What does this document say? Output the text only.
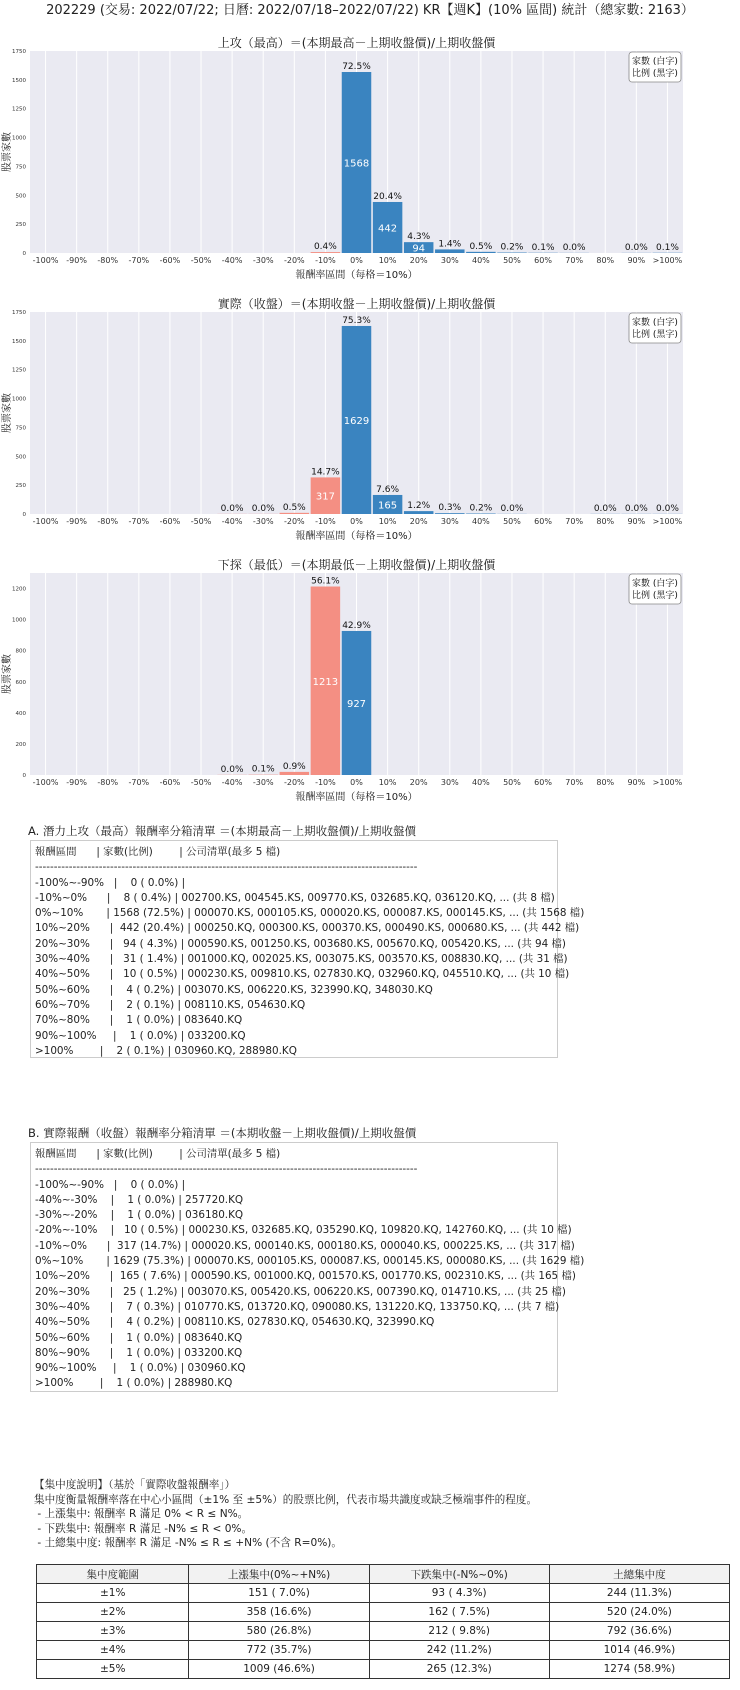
202229 (交易: 2022/07/22; 日曆: 2022/07/18–2022/07/22) KR【週K】(10% 區間) 統計（總家數: 2163）
上攻（最高）＝(本期最高－上期收盤價)/上期收盤價
0
250
500
750
1000
1250
1500
1750
股票家數
-100% -90% -80% -70% -60% -50% -40% -30% -20%
0.4%
-10%
72.5%
1568
0%
20.4%
442
10%
4.3%
94
20%
1.4%
30%
0.5%
40%
0.2%
50%
0.1%
60%
0.0%
70% 80%
0.0%
90%
0.1%
>100%
報酬率區間（每格＝10%）
家數 (白字)
比例 (黑字)
實際（收盤）＝(本期收盤－上期收盤價)/上期收盤價
0
250
500
750
1000
1250
1500
1750
股票家數
-100% -90% -80% -70% -60% -50%
0.0%
-40%
0.0%
-30%
0.5%
-20%
14.7%
317
-10%
75.3%
1629
0%
7.6%
165
10%
1.2%
20%
0.3%
30%
0.2%
40%
0.0%
50% 60% 70%
0.0%
80%
0.0%
90%
0.0%
>100%
報酬率區間（每格＝10%）
家數 (白字)
比例 (黑字)
下探（最低）＝(本期最低－上期收盤價)/上期收盤價
0
200
400
600
800
1000
1200
股票家數
-100% -90% -80% -70% -60% -50%
0.0%
-40%
0.1%
-30%
0.9%
-20%
56.1%
1213
-10%
42.9%
927
0% 10% 20% 30% 40% 50% 60% 70% 80% 90% >100%
報酬率區間（每格＝10%）
家數 (白字)
比例 (黑字)
A. 潛力上攻（最高）報酬率分箱清單 ＝(本期最高－上期收盤價)/上期收盤價
報酬區間      | 家數(比例)        | 公司清單(最多 5 檔)
------------------------------------------------------------------------------------------------------
-100%~-90%   |    0 ( 0.0%) |
-10%~0%      |    8 ( 0.4%) | 002700.KS, 004545.KS, 009770.KS, 032685.KQ, 036120.KQ, ... (共 8 檔)
0%~10%       | 1568 (72.5%) | 000070.KS, 000105.KS, 000020.KS, 000087.KS, 000145.KS, ... (共 1568 檔)
10%~20%      |  442 (20.4%) | 000250.KQ, 000300.KS, 000370.KS, 000490.KS, 000680.KS, ... (共 442 檔)
20%~30%      |   94 ( 4.3%) | 000590.KS, 001250.KS, 003680.KS, 005670.KQ, 005420.KS, ... (共 94 檔)
30%~40%      |   31 ( 1.4%) | 001000.KQ, 002025.KS, 003075.KS, 003570.KS, 008830.KQ, ... (共 31 檔)
40%~50%      |   10 ( 0.5%) | 000230.KS, 009810.KS, 027830.KQ, 032960.KQ, 045510.KQ, ... (共 10 檔)
50%~60%      |    4 ( 0.2%) | 003070.KS, 006220.KS, 323990.KQ, 348030.KQ
60%~70%      |    2 ( 0.1%) | 008110.KS, 054630.KQ
70%~80%      |    1 ( 0.0%) | 083640.KQ
90%~100%     |    1 ( 0.0%) | 033200.KQ
>100%        |    2 ( 0.1%) | 030960.KQ, 288980.KQ
B. 實際報酬（收盤）報酬率分箱清單 ＝(本期收盤－上期收盤價)/上期收盤價
報酬區間      | 家數(比例)        | 公司清單(最多 5 檔)
------------------------------------------------------------------------------------------------------
-100%~-90%   |    0 ( 0.0%) |
-40%~-30%    |    1 ( 0.0%) | 257720.KQ
-30%~-20%    |    1 ( 0.0%) | 036180.KQ
-20%~-10%    |   10 ( 0.5%) | 000230.KS, 032685.KQ, 035290.KQ, 109820.KQ, 142760.KQ, ... (共 10 檔)
-10%~0%      |  317 (14.7%) | 000020.KS, 000140.KS, 000180.KS, 000040.KS, 000225.KS, ... (共 317 檔)
0%~10%       | 1629 (75.3%) | 000070.KS, 000105.KS, 000087.KS, 000145.KS, 000080.KS, ... (共 1629 檔)
10%~20%      |  165 ( 7.6%) | 000590.KS, 001000.KQ, 001570.KS, 001770.KS, 002310.KS, ... (共 165 檔)
20%~30%      |   25 ( 1.2%) | 003070.KS, 005420.KS, 006220.KS, 007390.KQ, 014710.KS, ... (共 25 檔)
30%~40%      |    7 ( 0.3%) | 010770.KS, 013720.KQ, 090080.KS, 131220.KQ, 133750.KQ, ... (共 7 檔)
40%~50%      |    4 ( 0.2%) | 008110.KS, 027830.KQ, 054630.KQ, 323990.KQ
50%~60%      |    1 ( 0.0%) | 083640.KQ
80%~90%      |    1 ( 0.0%) | 033200.KQ
90%~100%     |    1 ( 0.0%) | 030960.KQ
>100%        |    1 ( 0.0%) | 288980.KQ
【集中度說明】（基於「實際收盤報酬率」）
集中度衡量報酬率落在中心小區間（±1% 至 ±5%）的股票比例，代表市場共識度或缺乏極端事件的程度。
- 上漲集中: 報酬率 R 滿足 0% < R ≤ N%。
- 下跌集中: 報酬率 R 滿足 -N% ≤ R < 0%。
- 土總集中度: 報酬率 R 滿足 -N% ≤ R ≤ +N% (不含 R=0%)。
集中度範圍	上漲集中(0%~+N%)	下跌集中(-N%~0%)	土總集中度
±1%	151 ( 7.0%)	93 ( 4.3%)	244 (11.3%)
±2%	358 (16.6%)	162 ( 7.5%)	520 (24.0%)
±3%	580 (26.8%)	212 ( 9.8%)	792 (36.6%)
±4%	772 (35.7%)	242 (11.2%)	1014 (46.9%)
±5%	1009 (46.6%)	265 (12.3%)	1274 (58.9%)
